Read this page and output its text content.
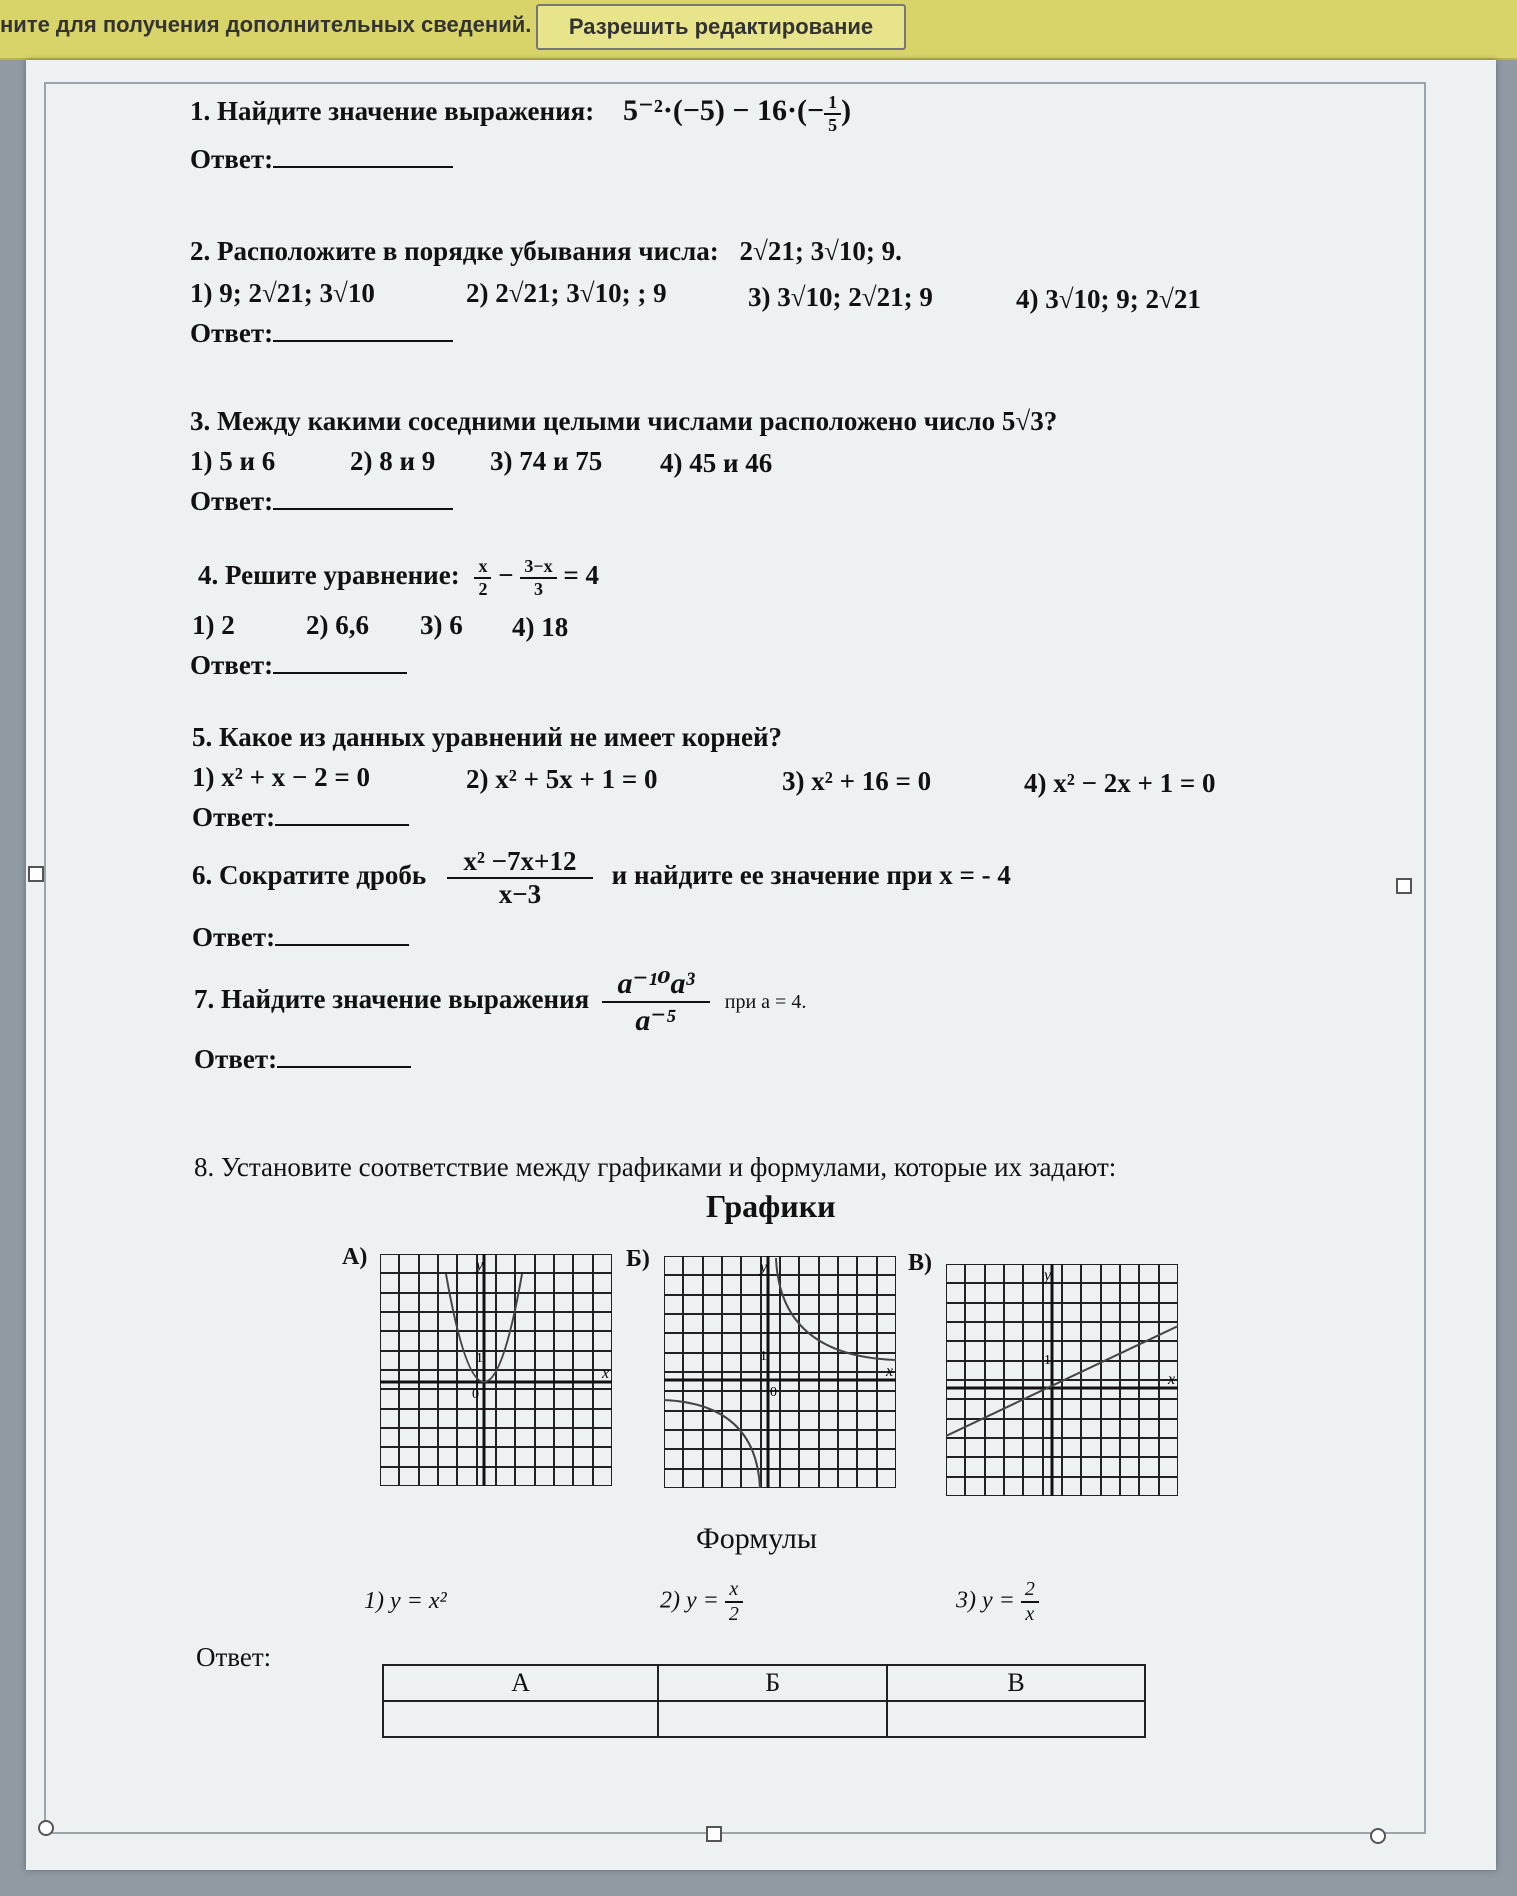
ните для получения дополнительных сведений.	Разрешить редактирование
1. Найдите значение выражения: $5^{-2}\cdot(-5) - 16\cdot(- \frac{1}{5}$ )
Ответ:
2. Расположите в порядке убывания числа: 2√21; 3√10; 9.
1) 9; 2√21; 3√10	2) 2√21; 3√10; ; 9	3) 3√10; 2√21; 9	4) 3√10; 9; 2√21
Ответ:
3. Между какими соседними целыми числами расположено число 5√3?
1) 5 и 6	2) 8 и 9 3) 74 и 75 4) 45 и 46
Ответ:
4. Решите уравнение: $\frac{x}{2} - \frac{3-x}{3} = 4$
1) 2	2) 6,6 3) 6 4) 18
Ответ:
5. Какое из данных уравнений не имеет корней?
1) x² + x − 2 = 0	2) x² + 5x + 1 = 0	3) x² + 16 = 0	4) x² − 2x + 1 = 0
Ответ:
6. Сократите дробь $\frac{\text{x² −7x+12}}{x-3}$ и найдите ее значение при x = - 4
Ответ:
7. Найдите значение выражения $\frac{\text{a⁻¹⁰a³}}{\text{a⁻⁵}}$ при a = 4.
Ответ:
8. Установите соответствие между графиками и формулами, которые их задают:
Графики
А)	Б)	В)
y
x
1
0
y
x
1
0
y
x
1
Формулы
1) y = x²	2) $y = \frac{x}{2}$	3) $y = \frac{2}{x}$
Ответ:
А	Б	В
